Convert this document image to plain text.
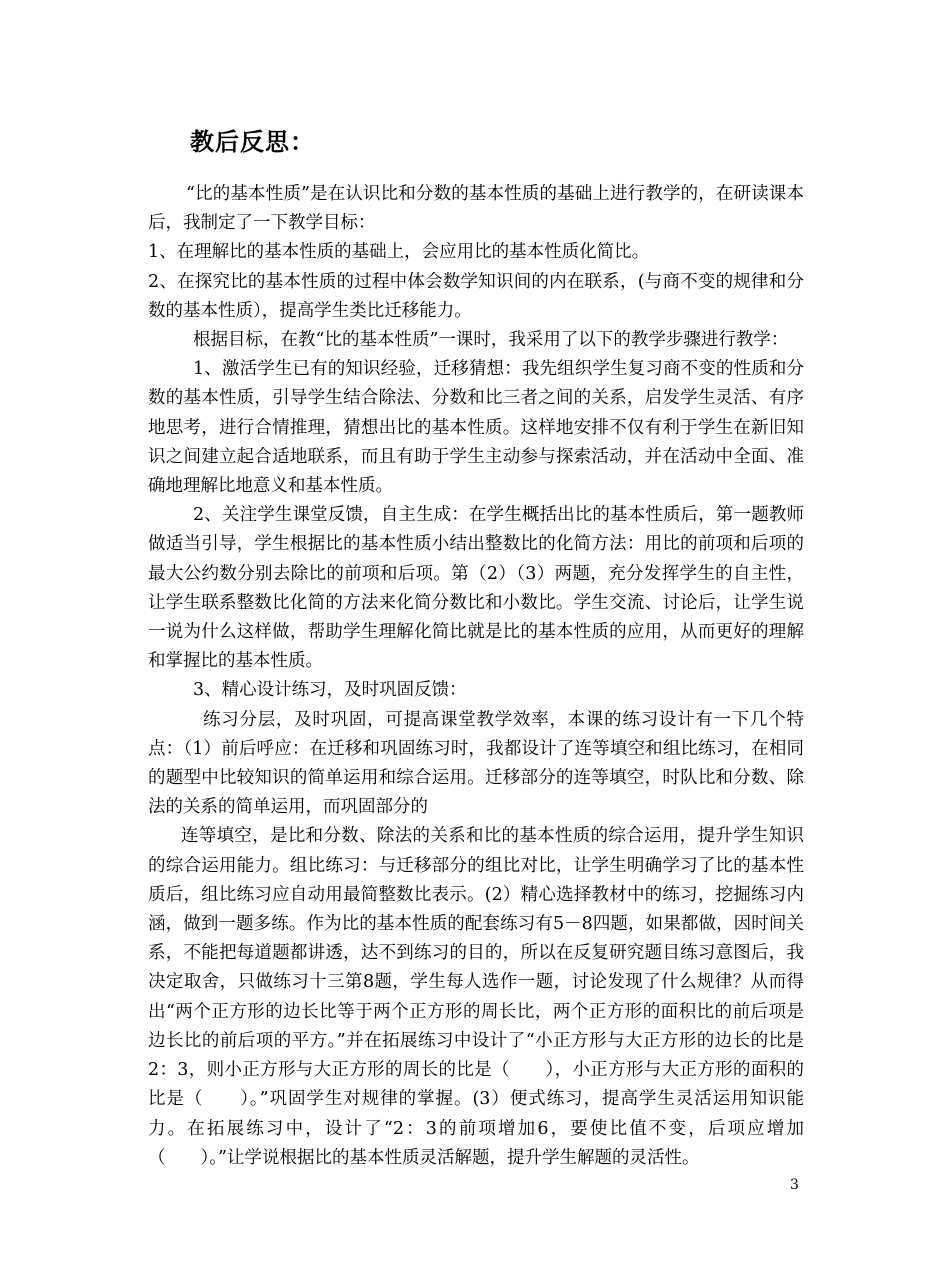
教后反思：

“比的基本性质”是在认识比和分数的基本性质的基础上进行教学的，在研读课本后，我制定了一下教学目标：

1、在理解比的基本性质的基础上，会应用比的基本性质化简比。

2、在探究比的基本性质的过程中体会数学知识间的内在联系，(与商不变的规律和分数的基本性质），提高学生类比迁移能力。

根据目标，在教“比的基本性质”一课时，我采用了以下的教学步骤进行教学：

1、激活学生已有的知识经验，迁移猜想：我先组织学生复习商不变的性质和分数的基本性质，引导学生结合除法、分数和比三者之间的关系，启发学生灵活、有序地思考，进行合情推理，猜想出比的基本性质。这样地安排不仅有利于学生在新旧知识之间建立起合适地联系，而且有助于学生主动参与探索活动，并在活动中全面、准确地理解比地意义和基本性质。

2、关注学生课堂反馈，自主生成：在学生概括出比的基本性质后，第一题教师做适当引导，学生根据比的基本性质小结出整数比的化简方法：用比的前项和后项的最大公约数分别去除比的前项和后项。第（2）（3）两题，充分发挥学生的自主性，让学生联系整数比化简的方法来化简分数比和小数比。学生交流、讨论后，让学生说一说为什么这样做，帮助学生理解化简比就是比的基本性质的应用，从而更好的理解和掌握比的基本性质。

3、精心设计练习，及时巩固反馈：

练习分层，及时巩固，可提高课堂教学效率，本课的练习设计有一下几个特点：（1）前后呼应：在迁移和巩固练习时，我都设计了连等填空和组比练习，在相同的题型中比较知识的简单运用和综合运用。迁移部分的连等填空，时队比和分数、除法的关系的简单运用，而巩固部分的

连等填空，是比和分数、除法的关系和比的基本性质的综合运用，提升学生知识的综合运用能力。组比练习：与迁移部分的组比对比，让学生明确学习了比的基本性质后，组比练习应自动用最简整数比表示。(2）精心选择教材中的练习，挖掘练习内涵，做到一题多练。作为比的基本性质的配套练习有5－8四题，如果都做，因时间关系，不能把每道题都讲透，达不到练习的目的，所以在反复研究题目练习意图后，我决定取舍，只做练习十三第8题，学生每人选作一题，讨论发现了什么规律？从而得出“两个正方形的边长比等于两个正方形的周长比，两个正方形的面积比的前后项是边长比的前后项的平方。”并在拓展练习中设计了“小正方形与大正方形的边长的比是2：3，则小正方形与大正方形的周长的比是（　　），小正方形与大正方形的面积的比是（　　）。”巩固学生对规律的掌握。(3）便式练习，提高学生灵活运用知识能力。在拓展练习中，设计了“2：3的前项增加6，要使比值不变，后项应增加（　　）。”让学说根据比的基本性质灵活解题，提升学生解题的灵活性。

3
